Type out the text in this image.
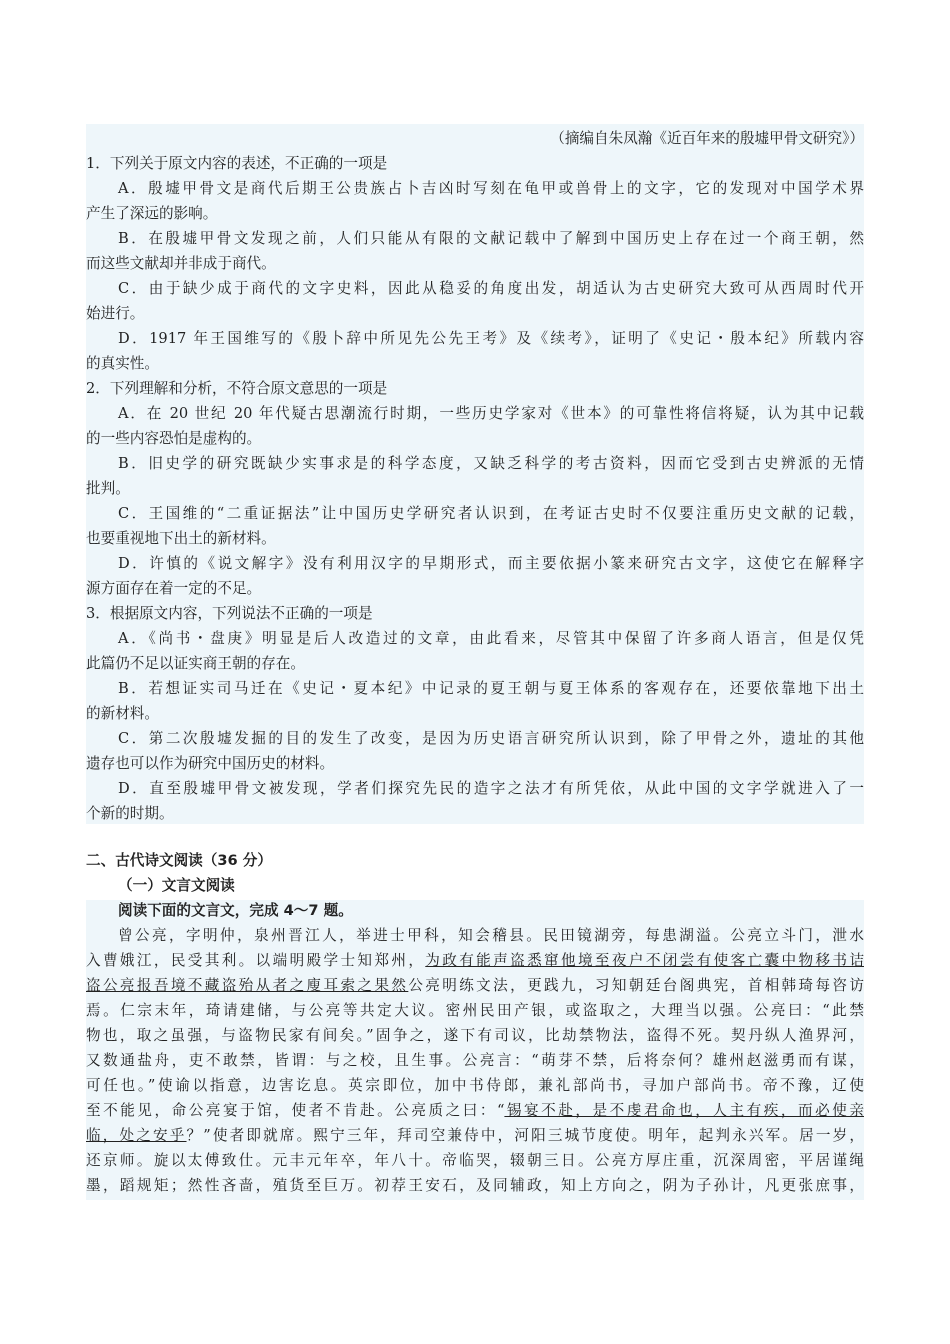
（摘编自朱凤瀚《近百年来的殷墟甲骨文研究》）
1．下列关于原文内容的表述，不正确的一项是
A．殷墟甲骨文是商代后期王公贵族占卜吉凶时写刻在龟甲或兽骨上的文字，它的发现对中国学术界
产生了深远的影响。
B．在殷墟甲骨文发现之前，人们只能从有限的文献记载中了解到中国历史上存在过一个商王朝，然
而这些文献却并非成于商代。
C．由于缺少成于商代的文字史料，因此从稳妥的角度出发，胡适认为古史研究大致可从西周时代开
始进行。
D．1917 年王国维写的《殷卜辞中所见先公先王考》及《续考》，证明了《史记・殷本纪》所载内容
的真实性。
2．下列理解和分析，不符合原文意思的一项是
A．在 20 世纪 20 年代疑古思潮流行时期，一些历史学家对《世本》的可靠性将信将疑，认为其中记载
的一些内容恐怕是虚构的。
B．旧史学的研究既缺少实事求是的科学态度，又缺乏科学的考古资料，因而它受到古史辨派的无情
批判。
C．王国维的“二重证据法”让中国历史学研究者认识到，在考证古史时不仅要注重历史文献的记载，
也要重视地下出土的新材料。
D．许慎的《说文解字》没有利用汉字的早期形式，而主要依据小篆来研究古文字，这使它在解释字
源方面存在着一定的不足。
3．根据原文内容，下列说法不正确的一项是
A．《尚书・盘庚》明显是后人改造过的文章，由此看来，尽管其中保留了许多商人语言，但是仅凭
此篇仍不足以证实商王朝的存在。
B．若想证实司马迁在《史记・夏本纪》中记录的夏王朝与夏王体系的客观存在，还要依靠地下出土
的新材料。
C．第二次殷墟发掘的目的发生了改变，是因为历史语言研究所认识到，除了甲骨之外，遗址的其他
遗存也可以作为研究中国历史的材料。
D．直至殷墟甲骨文被发现，学者们探究先民的造字之法才有所凭依，从此中国的文字学就进入了一
个新的时期。
二、古代诗文阅读（36 分）
（一）文言文阅读
阅读下面的文言文，完成 4～7 题。
曾公亮，字明仲，泉州晋江人，举进士甲科，知会稽县。民田镜湖旁，每患湖溢。公亮立斗门，泄水
入曹娥江，民受其利。以端明殿学士知郑州，为政有能声盗悉窜他境至夜户不闭尝有使客亡囊中物移书诘
盗公亮报吾境不藏盗殆从者之廋耳索之果然公亮明练文法，更践九，习知朝廷台阁典宪，首相韩琦每咨访
焉。仁宗末年，琦请建储，与公亮等共定大议。密州民田产银，或盗取之，大理当以强。公亮曰：“此禁
物也，取之虽强，与盗物民家有间矣。”固争之，遂下有司议，比劫禁物法，盗得不死。契丹纵人渔界河，
又数通盐舟，吏不敢禁，皆谓：与之校，且生事。公亮言：“萌芽不禁，后将奈何？雄州赵滋勇而有谋，
可任也。”使谕以指意，边害讫息。英宗即位，加中书侍郎，兼礼部尚书，寻加户部尚书。帝不豫，辽使
至不能见，命公亮宴于馆，使者不肯赴。公亮质之曰：“锡宴不赴，是不虔君命也，人主有疾，而必使亲
临，处之安乎？”使者即就席。熙宁三年，拜司空兼侍中，河阳三城节度使。明年，起判永兴军。居一岁，
还京师。旋以太傅致仕。元丰元年卒，年八十。帝临哭，辍朝三日。公亮方厚庄重，沉深周密，平居谨绳
墨，蹈规矩；然性吝啬，殖货至巨万。初荐王安石，及同辅政，知上方向之，阴为子孙计，凡更张庶事，
